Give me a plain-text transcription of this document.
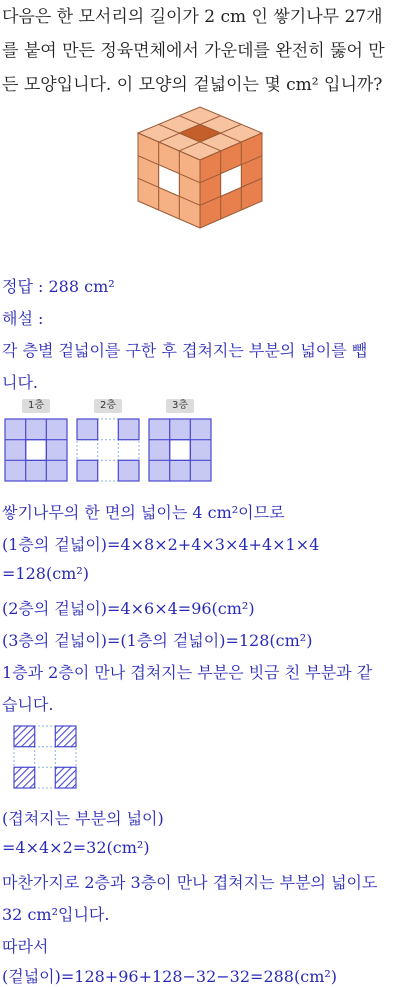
다음은 한 모서리의 길이가 2 cm 인 쌓기나무 27개
를 붙여 만든 정육면체에서 가운데를 완전히 뚫어 만
든 모양입니다. 이 모양의 겉넓이는 몇 cm² 입니까?
정답 : 288 cm²
해설 :
각 층별 겉넓이를 구한 후 겹쳐지는 부분의 넓이를 뺍
니다.
1층	2층	3층
쌓기나무의 한 면의 넓이는 4 cm²이므로
(1층의 겉넓이)=4×8×2+4×3×4+4×1×4
=128(cm²)
(2층의 겉넓이)=4×6×4=96(cm²)
(3층의 겉넓이)=(1층의 겉넓이)=128(cm²)
1층과 2층이 만나 겹쳐지는 부분은 빗금 친 부분과 같
습니다.
(겹쳐지는 부분의 넓이)
=4×4×2=32(cm²)
마찬가지로 2층과 3층이 만나 겹쳐지는 부분의 넓이도
32 cm²입니다.
따라서
(겉넓이)=128+96+128−32−32=288(cm²)
